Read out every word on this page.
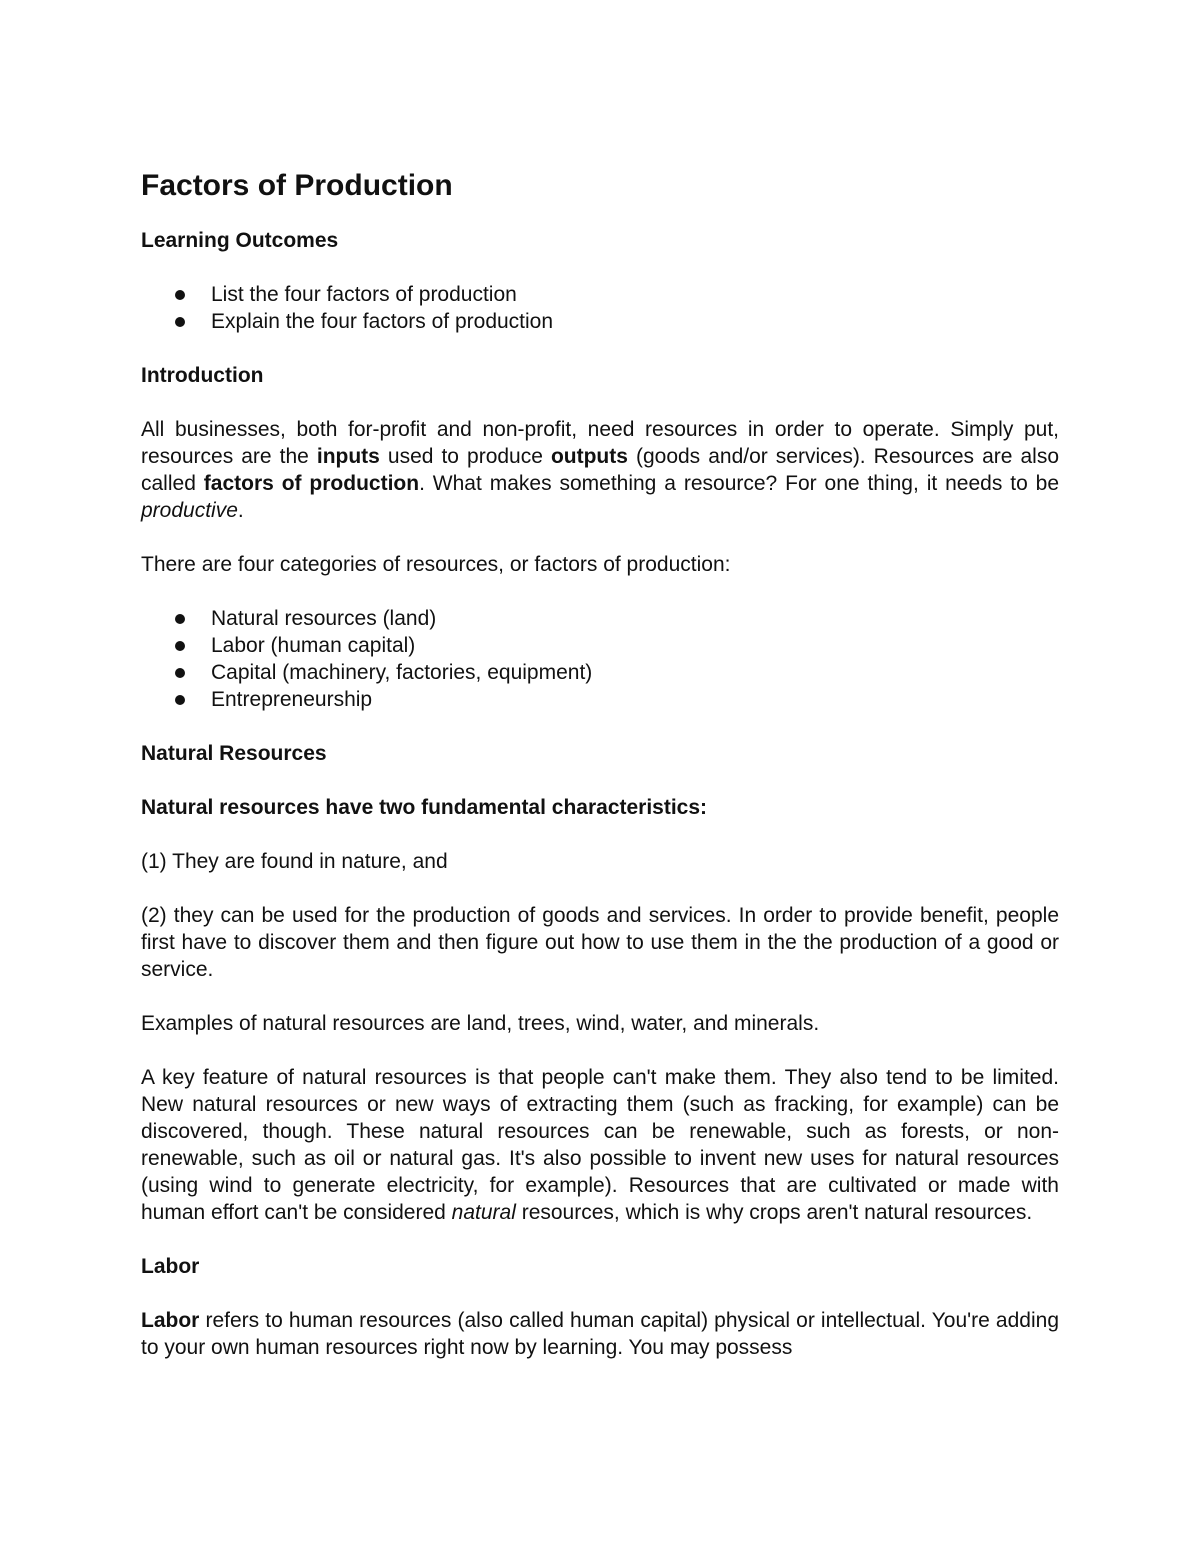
Factors of Production
Learning Outcomes
List the four factors of production
Explain the four factors of production
Introduction

All businesses, both for-profit and non-profit, need resources in order to operate. Simply put, resources are the inputs used to produce outputs (goods and/or services). Resources are also called factors of production. What makes something a resource? For one thing, it needs to be productive.

There are four categories of resources, or factors of production:

Natural resources (land)
Labor (human capital)
Capital (machinery, factories, equipment)
Entrepreneurship
Natural Resources
Natural resources have two fundamental characteristics:

(1) They are found in nature, and

(2) they can be used for the production of goods and services. In order to provide benefit, people first have to discover them and then figure out how to use them in the the production of a good or service.

Examples of natural resources are land, trees, wind, water, and minerals.

A key feature of natural resources is that people can't make them. They also tend to be limited. New natural resources or new ways of extracting them (such as fracking, for example) can be discovered, though. These natural resources can be renewable, such as forests, or non-renewable, such as oil or natural gas. It's also possible to invent new uses for natural resources (using wind to generate electricity, for example). Resources that are cultivated or made with human effort can't be considered natural resources, which is why crops aren't natural resources.

Labor

Labor refers to human resources (also called human capital) physical or intellectual. You're adding to your own human resources right now by learning. You may possess
